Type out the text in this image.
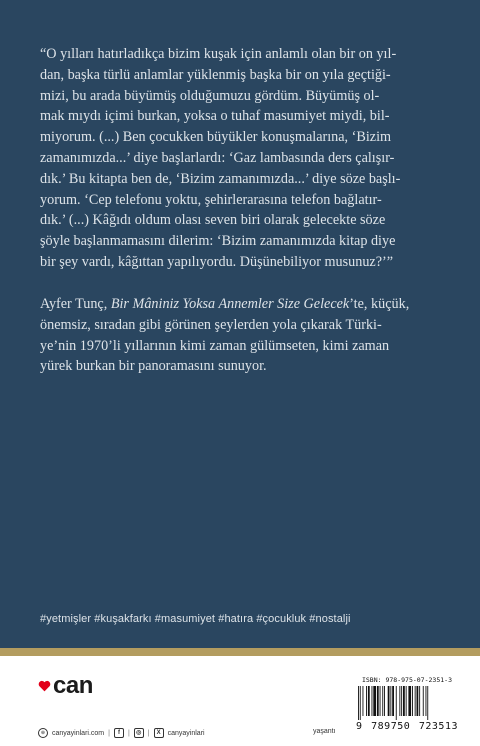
“O yılları hatırladıkça bizim kuşak için anlamlı olan bir on yıl-
dan, başka türlü anlamlar yüklenmiş başka bir on yıla geçtiği-
mizi, bu arada büyümüş olduğumuzu gördüm. Büyümüş ol-
mak mıydı içimi burkan, yoksa o tuhaf masumiyet miydi, bil-
miyorum. (...) Ben çocukken büyükler konuşmalarına, ‘Bizim
zamanımızda...’ diye başlarlardı: ‘Gaz lambasında ders çalışır-
dık.’ Bu kitapta ben de, ‘Bizim zamanımızda...’ diye söze başlı-
yorum. ‘Cep telefonu yoktu, şehirlerarasına telefon bağlatır-
dık.’ (...) Kâğıdı oldum olası seven biri olarak gelecekte söze
şöyle başlanmamasını dilerim: ‘Bizim zamanımızda kitap diye
bir şey vardı, kâğıttan yapılıyordu. Düşünebiliyor musunuz?’”

Ayfer Tunç, Bir Mâniniz Yoksa Annemler Size Gelecek’te, küçük,
önemsiz, sıradan gibi görünen şeylerden yola çıkarak Türki-
ye’nin 1970’li yıllarının kimi zaman gülümseten, kimi zaman
yürek burkan bir panoramasını sunuyor.

#yetmişler #kuşakfarkı #masumiyet #hatıra #çocukluk #nostalji
can
⊕ canyayinlari.com |	f	|	◎ |	X	canyayinlari	yaşantı
ISBN: 978-975-07-2351-3
9 789750 723513
